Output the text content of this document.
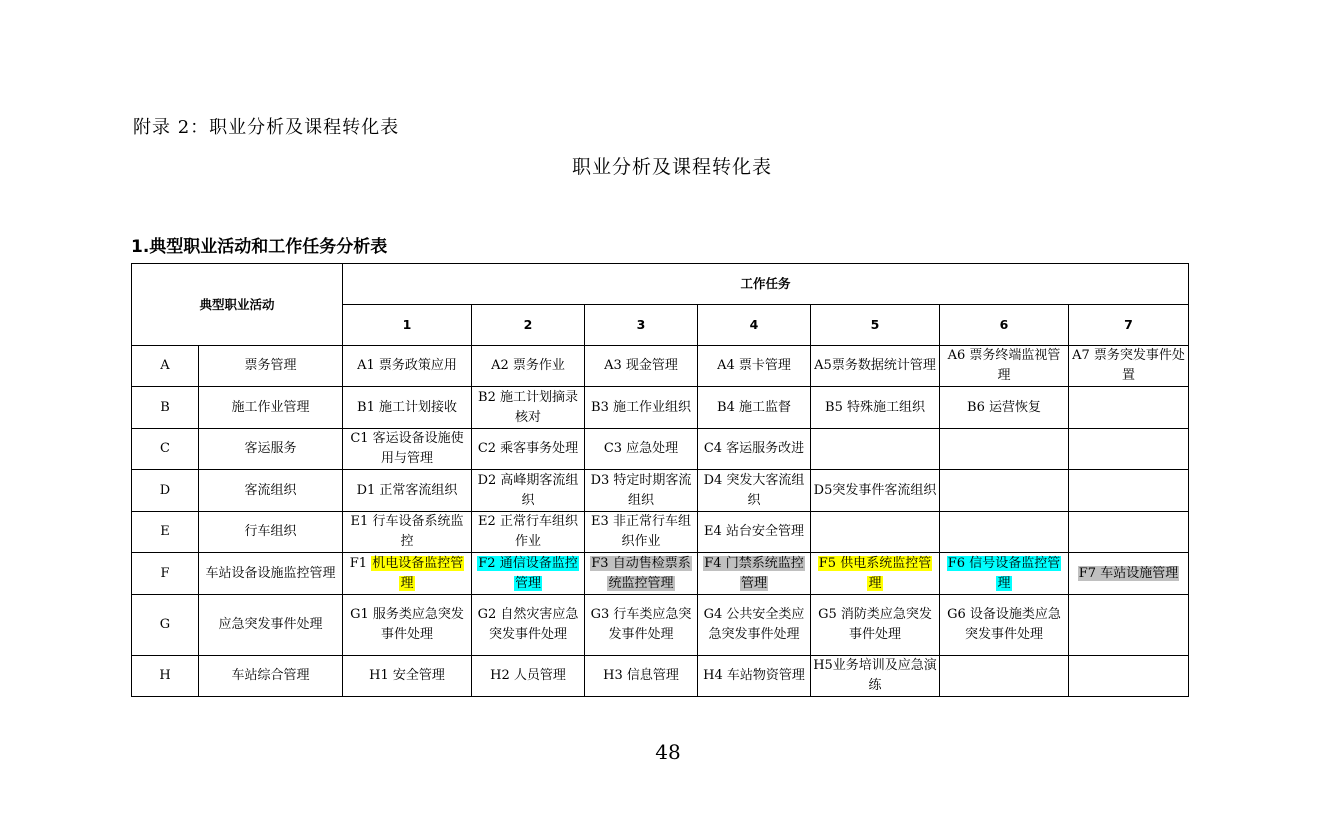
附录 2：职业分析及课程转化表
职业分析及课程转化表
1.典型职业活动和工作任务分析表
典型职业活动		工作任务						
		1	2	3	4	5	6	7
A	票务管理	A1 票务政策应用	A2 票务作业	A3 现金管理	A4 票卡管理	A5票务数据统计管理	A6 票务终端监视管理	A7 票务突发事件处置
B	施工作业管理	B1 施工计划接收	B2 施工计划摘录核对	B3 施工作业组织	B4 施工监督	B5 特殊施工组织	B6 运营恢复	
C	客运服务	C1 客运设备设施使用与管理	C2 乘客事务处理	C3 应急处理	C4 客运服务改进			
D	客流组织	D1 正常客流组织	D2 高峰期客流组织	D3 特定时期客流组织	D4 突发大客流组织	D5突发事件客流组织		
E	行车组织	E1 行车设备系统监控	E2 正常行车组织作业	E3 非正常行车组织作业	E4 站台安全管理			
F	车站设备设施监控管理	F1 机电设备监控管理	F2 通信设备监控管理	F3 自动售检票系统监控管理	F4 门禁系统监控管理	F5 供电系统监控管理	F6 信号设备监控管理	F7 车站设施管理
G	应急突发事件处理	G1 服务类应急突发事件处理	G2 自然灾害应急突发事件处理	G3 行车类应急突发事件处理	G4 公共安全类应急突发事件处理	G5 消防类应急突发事件处理	G6 设备设施类应急突发事件处理	
H	车站综合管理	H1 安全管理	H2 人员管理	H3 信息管理	H4 车站物资管理	H5业务培训及应急演练		
48
